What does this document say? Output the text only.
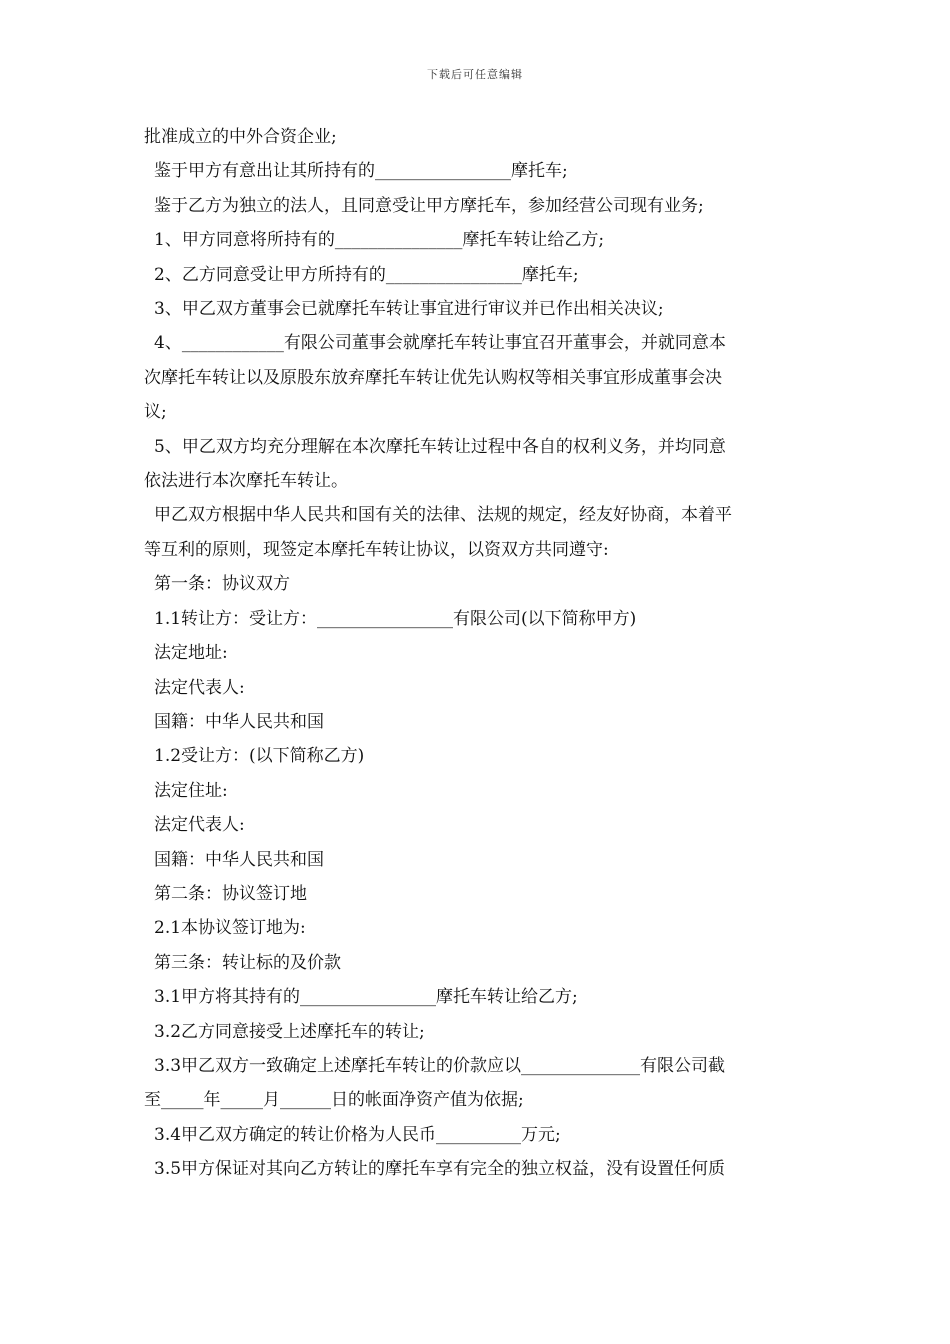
下载后可任意编辑

批准成立的中外合资企业;

鉴于甲方有意出让其所持有的________________摩托车;

鉴于乙方为独立的法人，且同意受让甲方摩托车，参加经营公司现有业务;

1、甲方同意将所持有的_______________摩托车转让给乙方;

2、乙方同意受让甲方所持有的________________摩托车;

3、甲乙双方董事会已就摩托车转让事宜进行审议并已作出相关决议;

4、____________有限公司董事会就摩托车转让事宜召开董事会，并就同意本

次摩托车转让以及原股东放弃摩托车转让优先认购权等相关事宜形成董事会决

议;

5、甲乙双方均充分理解在本次摩托车转让过程中各自的权利义务，并均同意

依法进行本次摩托车转让。

甲乙双方根据中华人民共和国有关的法律、法规的规定，经友好协商，本着平

等互利的原则，现签定本摩托车转让协议，以资双方共同遵守:

第一条：协议双方

1.1转让方：受让方：________________有限公司(以下简称甲方)

法定地址:

法定代表人:

国籍：中华人民共和国

1.2受让方：(以下简称乙方)

法定住址:

法定代表人:

国籍：中华人民共和国

第二条：协议签订地

2.1本协议签订地为:

第三条：转让标的及价款

3.1甲方将其持有的________________摩托车转让给乙方;

3.2乙方同意接受上述摩托车的转让;

3.3甲乙双方一致确定上述摩托车转让的价款应以______________有限公司截

至_____年_____月______日的帐面净资产值为依据;

3.4甲乙双方确定的转让价格为人民币__________万元;

3.5甲方保证对其向乙方转让的摩托车享有完全的独立权益，没有设置任何质
